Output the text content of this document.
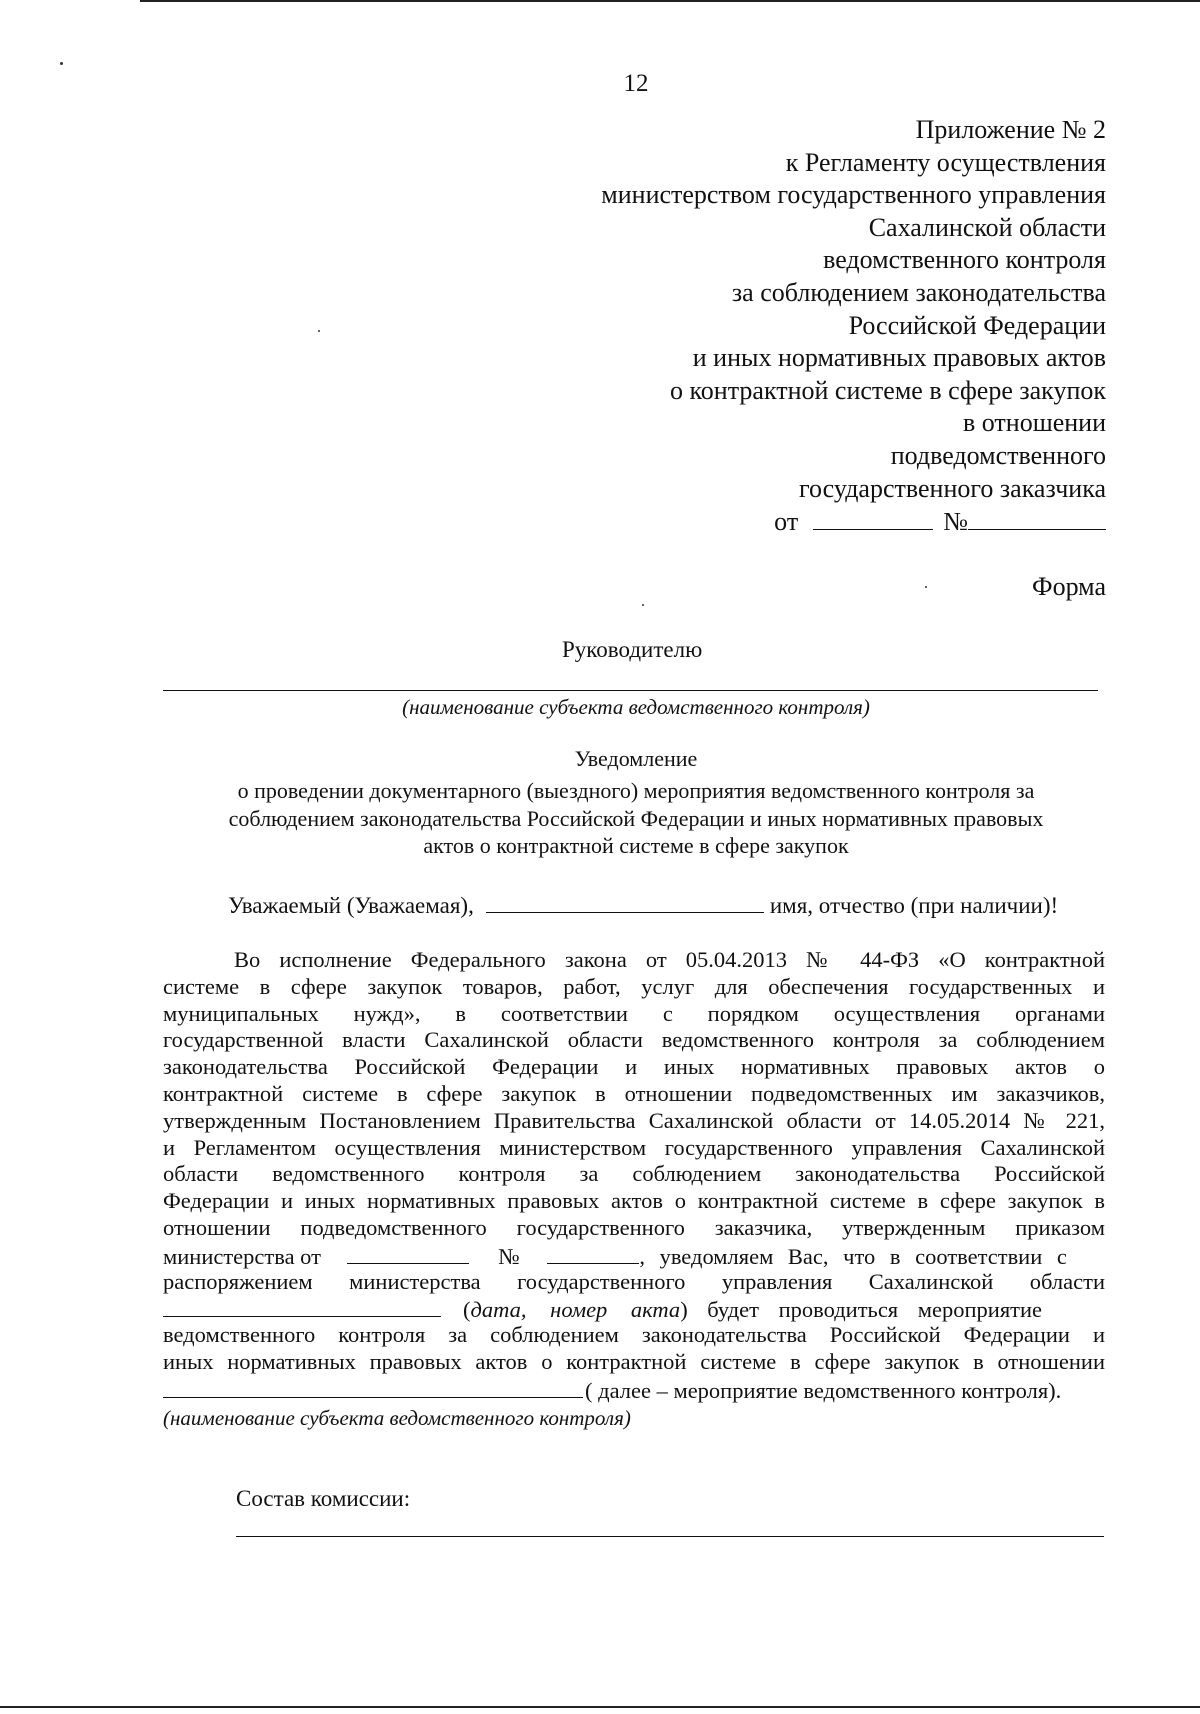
12
Приложение № 2
к Регламенту осуществления
министерством государственного управления
Сахалинской области
ведомственного контроля
за соблюдением законодательства
Российской Федерации
и иных нормативных правовых актов
о контрактной системе в сфере закупок
в отношении
подведомственного
государственного заказчика
от	№
Форма
Руководителю
(наименование субъекта ведомственного контроля)
Уведомление
о проведении документарного (выездного) мероприятия ведомственного контроля за
соблюдением законодательства Российской Федерации и иных нормативных правовых
актов о контрактной системе в сфере закупок
Уважаемый (Уважаемая),	имя, отчество (при наличии)!
Во исполнение Федерального закона от 05.04.2013 № 44-ФЗ «О контрактной
системе в сфере закупок товаров, работ, услуг для обеспечения государственных и
муниципальных нужд», в соответствии с порядком осуществления органами
государственной власти Сахалинской области ведомственного контроля за соблюдением
законодательства Российской Федерации и иных нормативных правовых актов о
контрактной системе в сфере закупок в отношении подведомственных им заказчиков,
утвержденным Постановлением Правительства Сахалинской области от 14.05.2014 № 221,
и Регламентом осуществления министерством государственного управления Сахалинской
области ведомственного контроля за соблюдением законодательства Российской
Федерации и иных нормативных правовых актов о контрактной системе в сфере закупок в
отношении подведомственного государственного заказчика, утвержденным приказом
министерства от	№	, уведомляем Вас, что в соответствии с
распоряжением министерства государственного управления Сахалинской области
(дата, номер акта) будет проводиться мероприятие
ведомственного контроля за соблюдением законодательства Российской Федерации и
иных нормативных правовых актов о контрактной системе в сфере закупок в отношении
( далее – мероприятие ведомственного контроля).
(наименование субъекта ведомственного контроля)
Состав комиссии:
